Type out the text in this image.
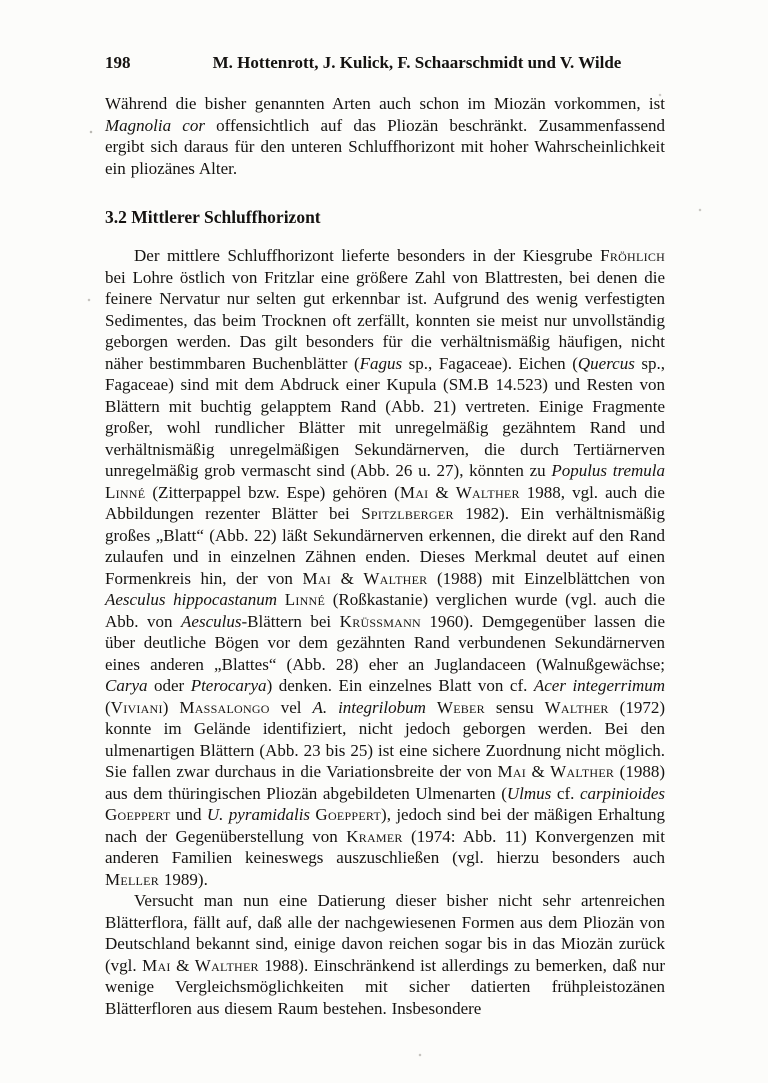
198	M. Hottenrott, J. Kulick, F. Schaarschmidt und V. Wilde

Während die bisher genannten Arten auch schon im Miozän vorkommen, ist Magnolia cor offensichtlich auf das Pliozän beschränkt. Zusammenfassend ergibt sich daraus für den unteren Schluffhorizont mit hoher Wahrscheinlichkeit ein pliozänes Alter.

3.2 Mittlerer Schluffhorizont

Der mittlere Schluffhorizont lieferte besonders in der Kiesgrube Fröhlich bei Lohre östlich von Fritzlar eine größere Zahl von Blattresten, bei denen die feinere Nervatur nur selten gut erkennbar ist. Aufgrund des wenig verfestigten Sedimentes, das beim Trocknen oft zerfällt, konnten sie meist nur unvollständig geborgen werden. Das gilt besonders für die verhältnismäßig häufigen, nicht näher bestimmbaren Buchenblätter (Fagus sp., Fagaceae). Eichen (Quercus sp., Fagaceae) sind mit dem Abdruck einer Kupula (SM.B 14.523) und Resten von Blättern mit buchtig gelapptem Rand (Abb. 21) vertreten. Einige Fragmente großer, wohl rundlicher Blätter mit unregelmäßig gezähntem Rand und verhältnismäßig unregelmäßigen Sekundärnerven, die durch Tertiärnerven unregelmäßig grob vermascht sind (Abb. 26 u. 27), könnten zu Populus tremula Linné (Zitterpappel bzw. Espe) gehören (Mai & Walther 1988, vgl. auch die Abbildungen rezenter Blätter bei Spitzlberger 1982). Ein verhältnismäßig großes „Blatt“ (Abb. 22) läßt Sekundärnerven erkennen, die direkt auf den Rand zulaufen und in einzelnen Zähnen enden. Dieses Merkmal deutet auf einen Formenkreis hin, der von Mai & Walther (1988) mit Einzelblättchen von Aesculus hippocastanum Linné (Roßkastanie) verglichen wurde (vgl. auch die Abb. von Aesculus-Blättern bei Krüssmann 1960). Demgegenüber lassen die über deutliche Bögen vor dem gezähnten Rand verbundenen Sekundärnerven eines anderen „Blattes“ (Abb. 28) eher an Juglandaceen (Walnußgewächse; Carya oder Pterocarya) denken. Ein einzelnes Blatt von cf. Acer integerrimum (Viviani) Massalongo vel A. integrilobum Weber sensu Walther (1972) konnte im Gelände identifiziert, nicht jedoch geborgen werden. Bei den ulmenartigen Blättern (Abb. 23 bis 25) ist eine sichere Zuordnung nicht möglich. Sie fallen zwar durchaus in die Variationsbreite der von Mai & Walther (1988) aus dem thüringischen Pliozän abgebildeten Ulmenarten (Ulmus cf. carpinioides Goeppert und U. pyramidalis Goeppert), jedoch sind bei der mäßigen Erhaltung nach der Gegenüberstellung von Kramer (1974: Abb. 11) Konvergenzen mit anderen Familien keineswegs auszuschließen (vgl. hierzu besonders auch Meller 1989).

Versucht man nun eine Datierung dieser bisher nicht sehr artenreichen Blätterflora, fällt auf, daß alle der nachgewiesenen Formen aus dem Pliozän von Deutschland bekannt sind, einige davon reichen sogar bis in das Miozän zurück (vgl. Mai & Walther 1988). Einschränkend ist allerdings zu bemerken, daß nur wenige Vergleichsmöglichkeiten mit sicher datierten frühpleistozänen Blätterfloren aus diesem Raum bestehen. Insbesondere
